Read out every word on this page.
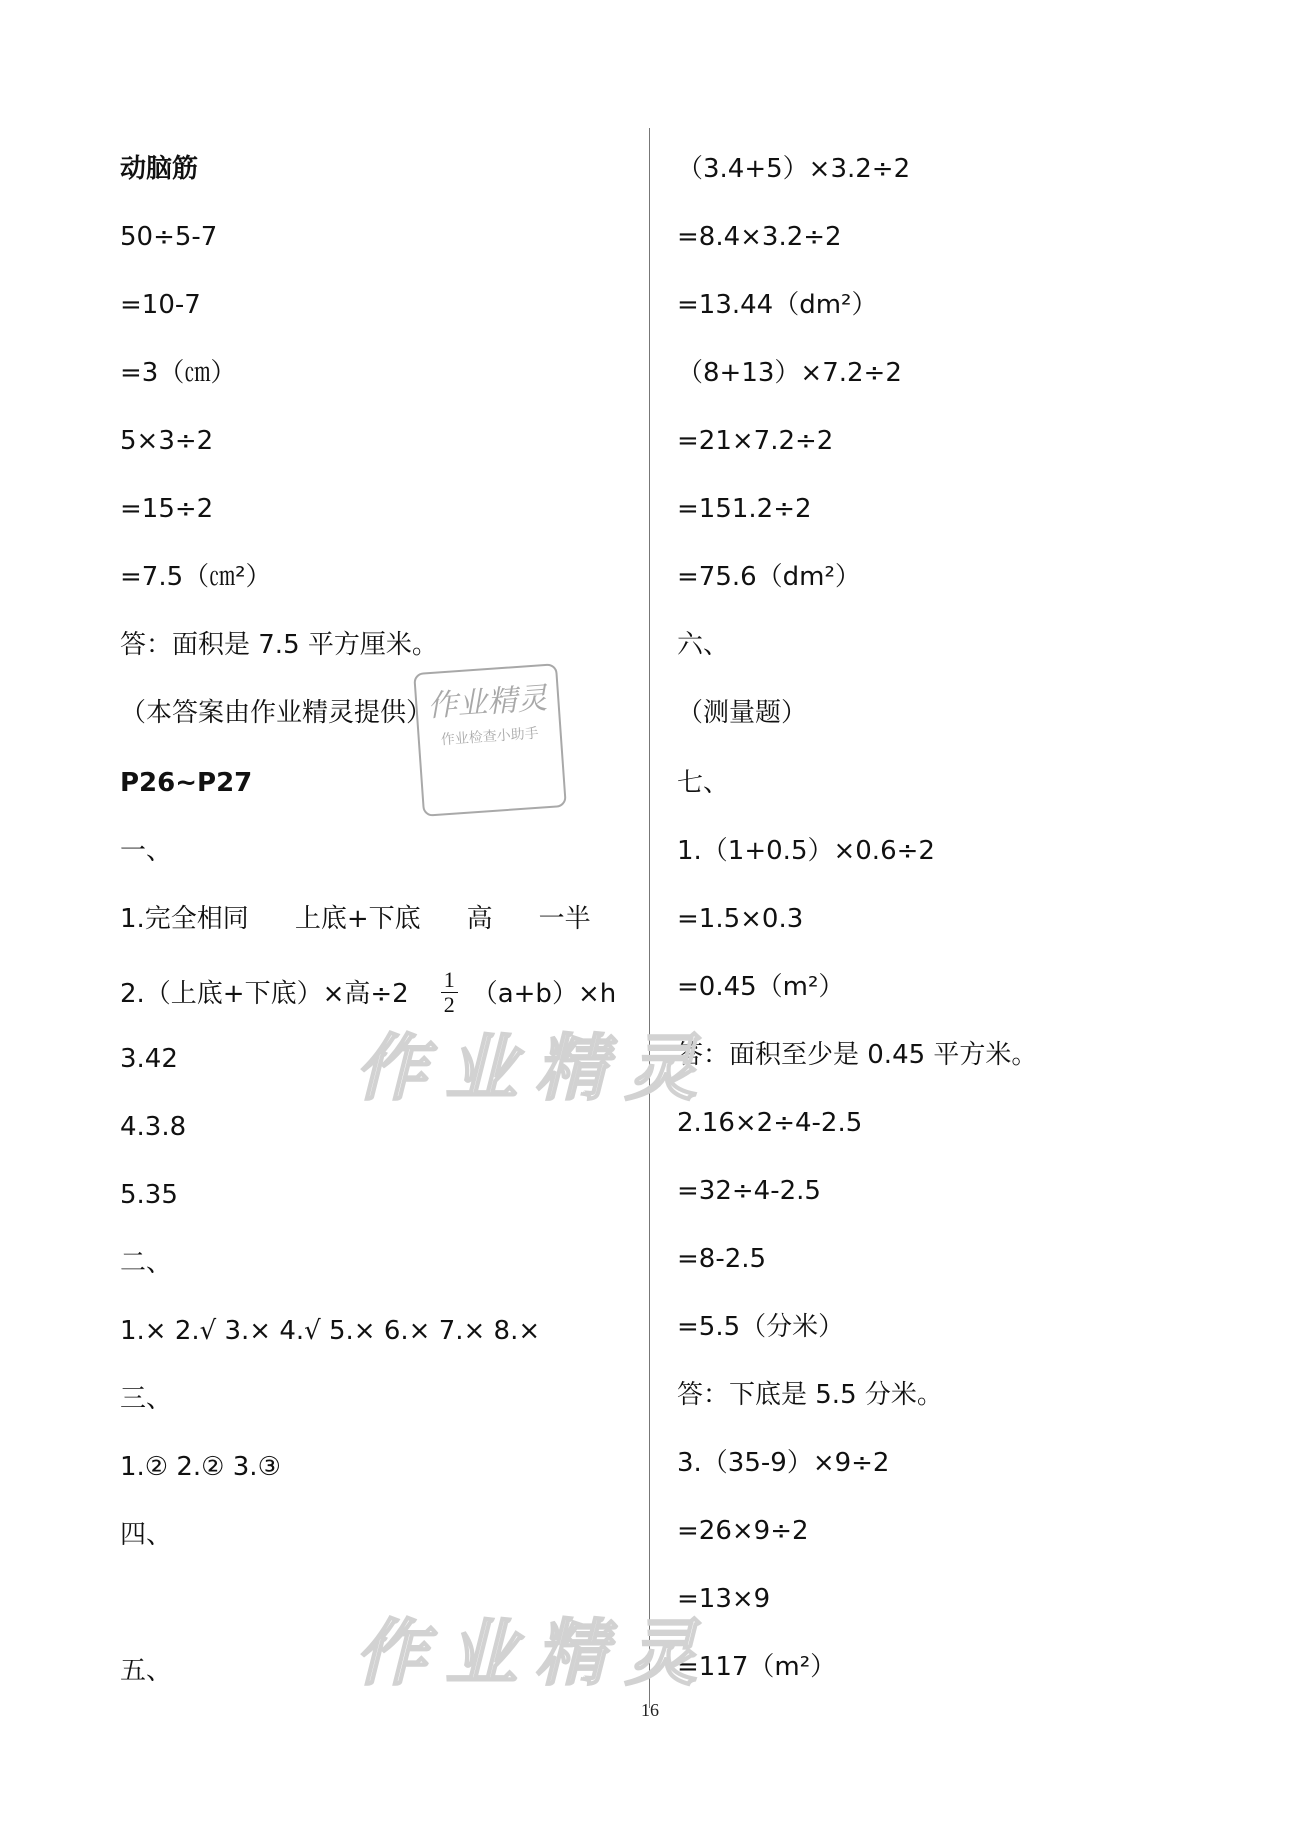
动脑筋
50÷5-7
=10-7
=3（㎝）
5×3÷2
=15÷2
=7.5（㎝²）
答：面积是 7.5 平方厘米。
（本答案由作业精灵提供）
P26~P27
一、
1.完全相同 上底+下底 高 一半
2.（上底+下底）×高$\div 2 \frac{1}{2} (a+b)\times h$
3.42
4.3.8
5.35
二、
1.× 2.√ 3.× 4.√ 5.× 6.× 7.× 8.×
三、
1.② 2.② 3.③
四、
五、
（3.4+5）×3.2÷2
=8.4×3.2÷2
=13.44（dm²）
（8+13）×7.2÷2
=21×7.2÷2
=151.2÷2
=75.6（dm²）
六、
（测量题）
七、
1.（1+0.5）×0.6÷2
=1.5×0.3
=0.45（m²）
答：面积至少是 0.45 平方米。
2.16×2÷4-2.5
=32÷4-2.5
=8-2.5
=5.5（分米）
答：下底是 5.5 分米。
3.（35-9）×9÷2
=26×9÷2
=13×9
=117（m²）
作业精灵
作业检查小助手
作业精灵
作业精灵
16
